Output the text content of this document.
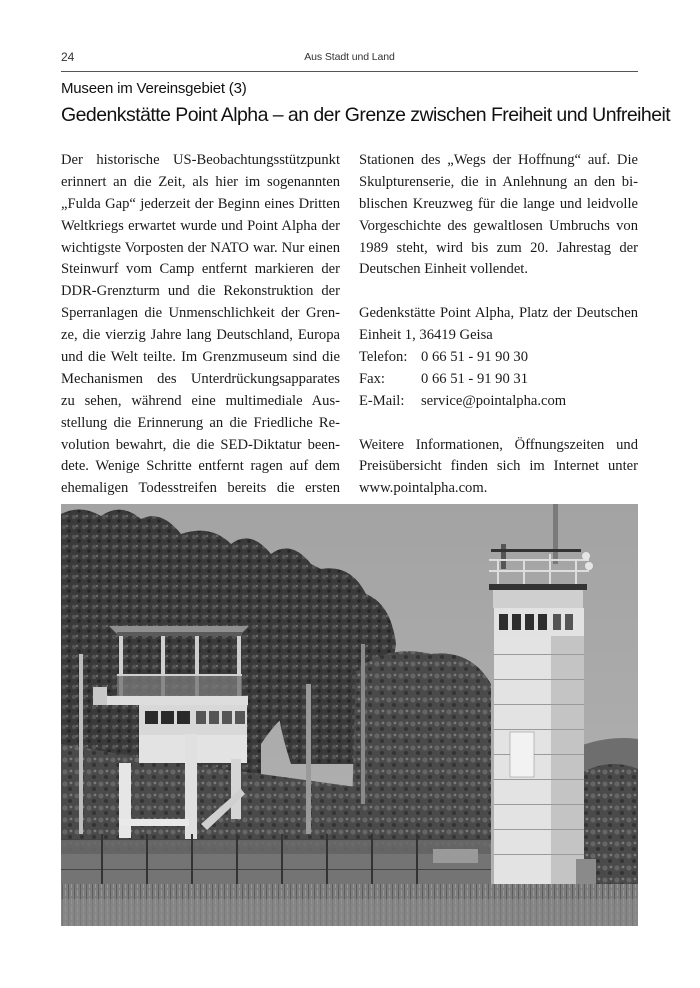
24	Aus Stadt und Land
Museen im Vereinsgebiet (3)
Gedenkstätte Point Alpha – an der Grenze zwischen Freiheit und Unfreiheit
Der historische US-Beobachtungsstützpunkt
erinnert an die Zeit, als hier im sogenannten
„Fulda Gap“ jederzeit der Beginn eines Dritten
Weltkriegs erwartet wurde und Point Alpha der
wichtigste Vorposten der NATO war. Nur einen
Steinwurf vom Camp entfernt markieren der
DDR-Grenzturm und die Rekonstruktion der
Sperranlagen die Unmenschlichkeit der Gren-
ze, die vierzig Jahre lang Deutschland, Europa
und die Welt teilte. Im Grenzmuseum sind die
Mechanismen des Unterdrückungsapparates
zu sehen, während eine multimediale Aus-
stellung die Erinnerung an die Friedliche Re-
volution bewahrt, die die SED-Diktatur been-
dete. Wenige Schritte entfernt ragen auf dem
ehemaligen Todesstreifen bereits die ersten
Stationen des „Wegs der Hoffnung“ auf. Die
Skulpturenserie, die in Anlehnung an den bi-
blischen Kreuzweg für die lange und leidvolle
Vorgeschichte des gewaltlosen Umbruchs von
1989 steht, wird bis zum 20. Jahrestag der
Deutschen Einheit vollendet.
Gedenkstätte Point Alpha, Platz der Deutschen
Einheit 1, 36419 Geisa
Telefon: 0 66 51 - 91 90 30
Fax:	0 66 51 - 91 90 31
E-Mail:	service@pointalpha.com
Weitere Informationen, Öffnungszeiten und
Preisübersicht finden sich im Internet unter
www.pointalpha.com.
